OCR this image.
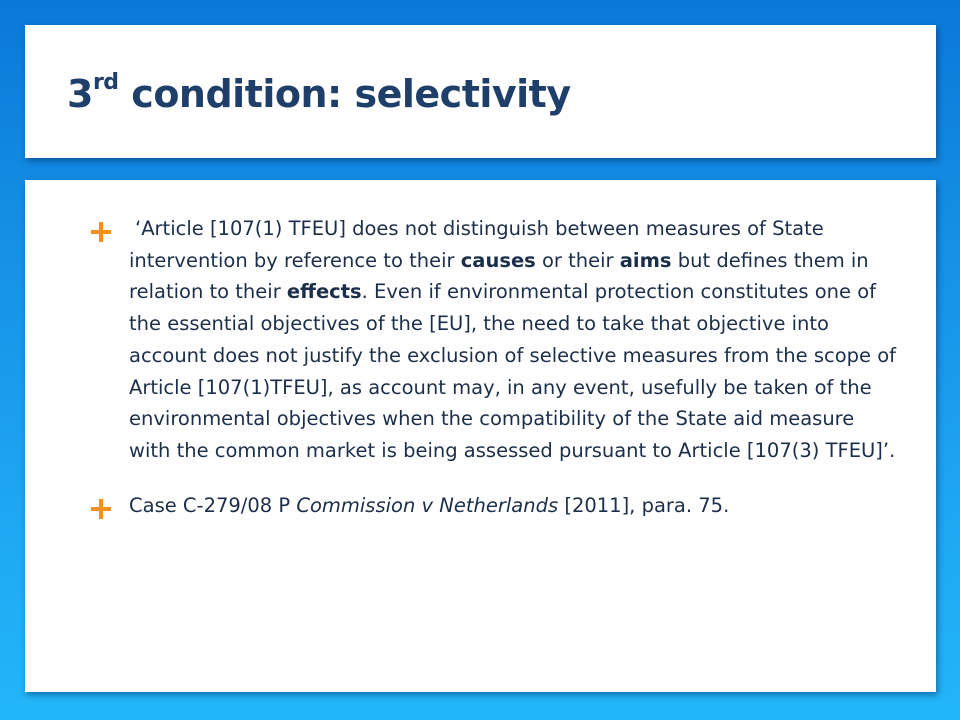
3rd condition: selectivity
‘Article [107(1) TFEU] does not distinguish between measures of State intervention by reference to their causes or their aims but defines them in relation to their effects. Even if environmental protection constitutes one of the essential objectives of the [EU], the need to take that objective into account does not justify the exclusion of selective measures from the scope of Article [107(1)TFEU], as account may, in any event, usefully be taken of the environmental objectives when the compatibility of the State aid measure with the common market is being assessed pursuant to Article [107(3) TFEU]’.
Case C-279/08 P Commission v Netherlands [2011], para. 75.
